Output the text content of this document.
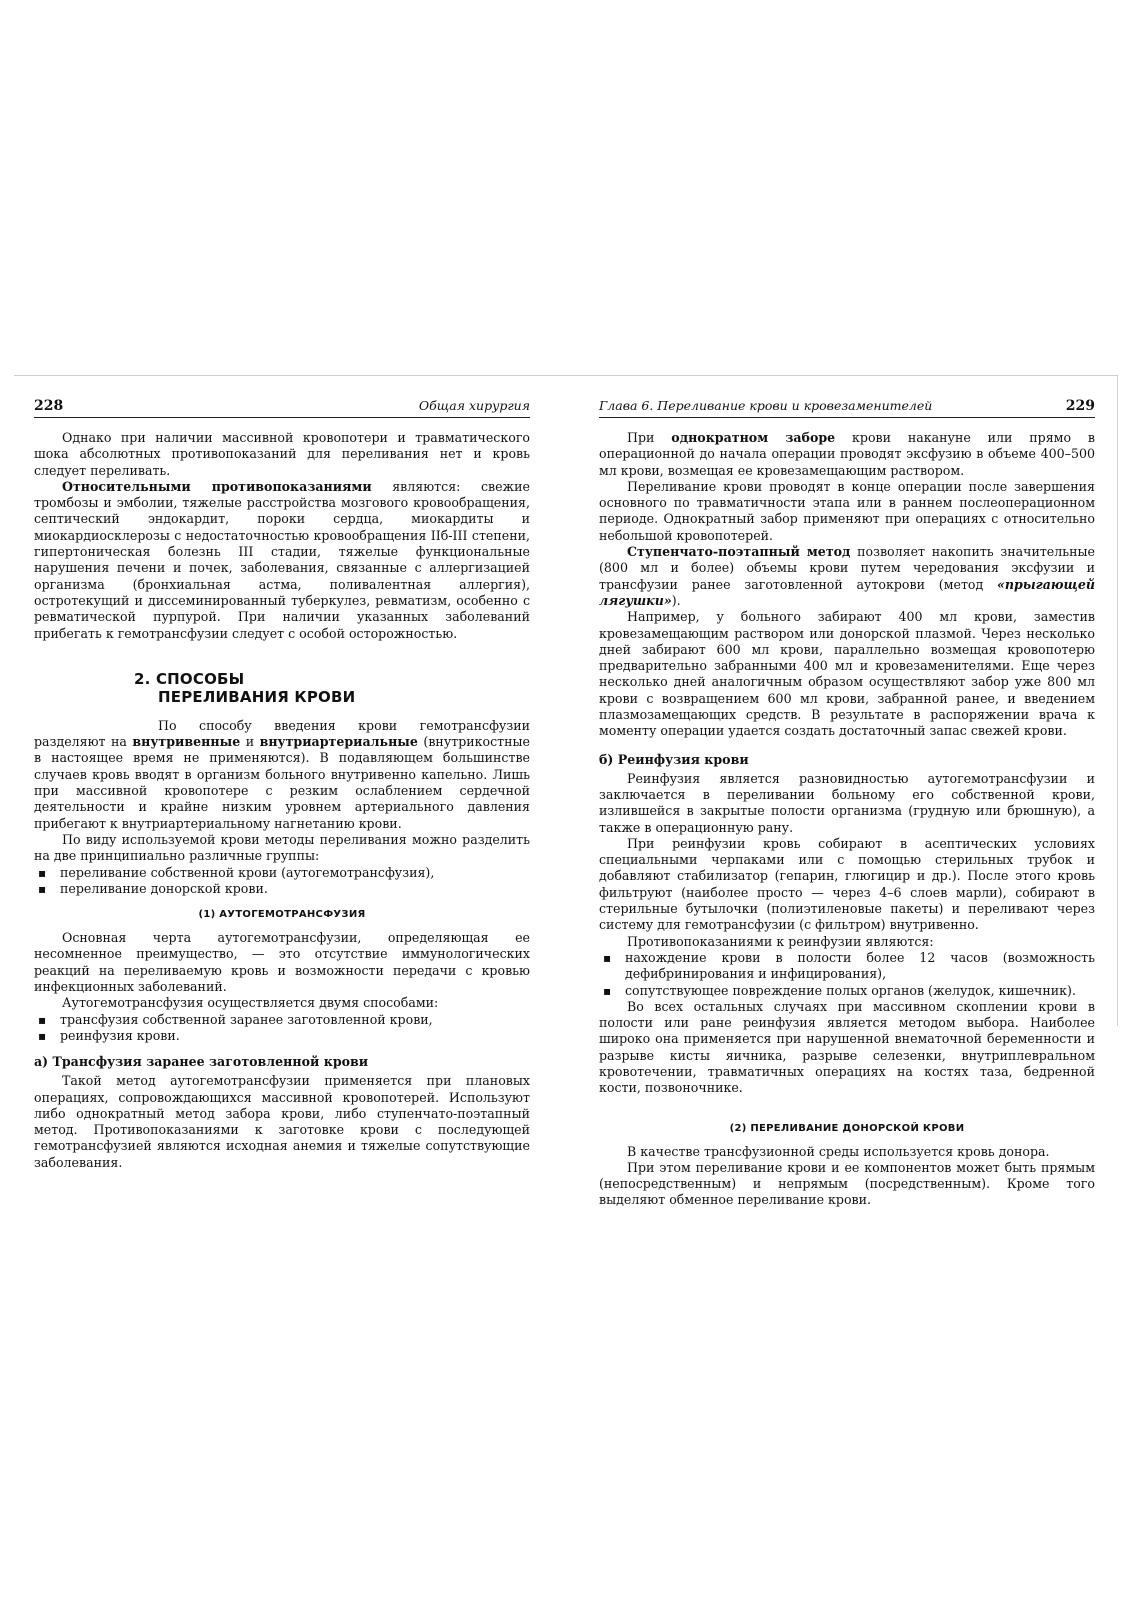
228	Общая хирургия

Однако при наличии массивной кровопотери и травматического шока абсолютных противопоказаний для переливания нет и кровь следует переливать.

Относительными противопоказаниями являются: свежие тромбозы и эмболии, тяжелые расстройства мозгового кровообращения, септический эндокардит, пороки сердца, миокардиты и миокардиосклерозы с недостаточностью кровообращения IIб-III степени, гипертоническая болезнь III стадии, тяжелые функциональные нарушения печени и почек, заболевания, связанные с аллергизацией организма (бронхиальная астма, поливалентная аллергия), остротекущий и диссеминированный туберкулез, ревматизм, особенно с ревматической пурпурой. При наличии указанных заболеваний прибегать к гемотрансфузии следует с особой осторожностью.

2. СПОСОБЫ
ПЕРЕЛИВАНИЯ КРОВИ

По способу введения крови гемотрансфузии разделяют на внутривенные и внутриартериальные (внутрикостные в настоящее время не применяются). В подавляющем большинстве случаев кровь вводят в организм больного внутривенно капельно. Лишь при массивной кровопотере с резким ослаблением сердечной деятельности и крайне низким уровнем артериального давления прибегают к внутриартериальному нагнетанию крови.

По виду используемой крови методы переливания можно разделить на две принципиально различные группы:

▪ переливание собственной крови (аутогемотрансфузия),
▪ переливание донорской крови.
(1) АУТОГЕМОТРАНСФУЗИЯ

Основная черта аутогемотрансфузии, определяющая ее несомненное преимущество, — это отсутствие иммунологических реакций на переливаемую кровь и возможности передачи с кровью инфекционных заболеваний.

Аутогемотрансфузия осуществляется двумя способами:

▪ трансфузия собственной заранее заготовленной крови,
▪ реинфузия крови.
а) Трансфузия заранее заготовленной крови

Такой метод аутогемотрансфузии применяется при плановых операциях, сопровождающихся массивной кровопотерей. Используют либо однократный метод забора крови, либо ступенчато-поэтапный метод. Противопоказаниями к заготовке крови с последующей гемотрансфузией являются исходная анемия и тяжелые сопутствующие заболевания.

Глава 6. Переливание крови и кровезаменителей	229

При однократном заборе крови накануне или прямо в операционной до начала операции проводят эксфузию в объеме 400–500 мл крови, возмещая ее кровезамещающим раствором.

Переливание крови проводят в конце операции после завершения основного по травматичности этапа или в раннем послеоперационном периоде. Однократный забор применяют при операциях с относительно небольшой кровопотерей.

Ступенчато-поэтапный метод позволяет накопить значительные (800 мл и более) объемы крови путем чередования эксфузии и трансфузии ранее заготовленной аутокрови (метод «прыгающей лягушки»).

Например, у больного забирают 400 мл крови, заместив кровезамещающим раствором или донорской плазмой. Через несколько дней забирают 600 мл крови, параллельно возмещая кровопотерю предварительно забранными 400 мл и кровезаменителями. Еще через несколько дней аналогичным образом осуществляют забор уже 800 мл крови с возвращением 600 мл крови, забранной ранее, и введением плазмозамещающих средств. В результате в распоряжении врача к моменту операции удается создать достаточный запас свежей крови.

б) Реинфузия крови

Реинфузия является разновидностью аутогемотрансфузии и заключается в переливании больному его собственной крови, излившейся в закрытые полости организма (грудную или брюшную), а также в операционную рану.

При реинфузии кровь собирают в асептических условиях специальными черпаками или с помощью стерильных трубок и добавляют стабилизатор (гепарин, глюгицир и др.). После этого кровь фильтруют (наиболее просто — через 4–6 слоев марли), собирают в стерильные бутылочки (полиэтиленовые пакеты) и переливают через систему для гемотрансфузии (с фильтром) внутривенно.

Противопоказаниями к реинфузии являются:

▪ нахождение крови в полости более 12 часов (возможность дефибринирования и инфицирования),
▪ сопутствующее повреждение полых органов (желудок, кишечник).

Во всех остальных случаях при массивном скоплении крови в полости или ране реинфузия является методом выбора. Наиболее широко она применяется при нарушенной внематочной беременности и разрыве кисты яичника, разрыве селезенки, внутриплевральном кровотечении, травматичных операциях на костях таза, бедренной кости, позвоночнике.

(2) ПЕРЕЛИВАНИЕ ДОНОРСКОЙ КРОВИ

В качестве трансфузионной среды используется кровь донора.

При этом переливание крови и ее компонентов может быть прямым (непосредственным) и непрямым (посредственным). Кроме того выделяют обменное переливание крови.
